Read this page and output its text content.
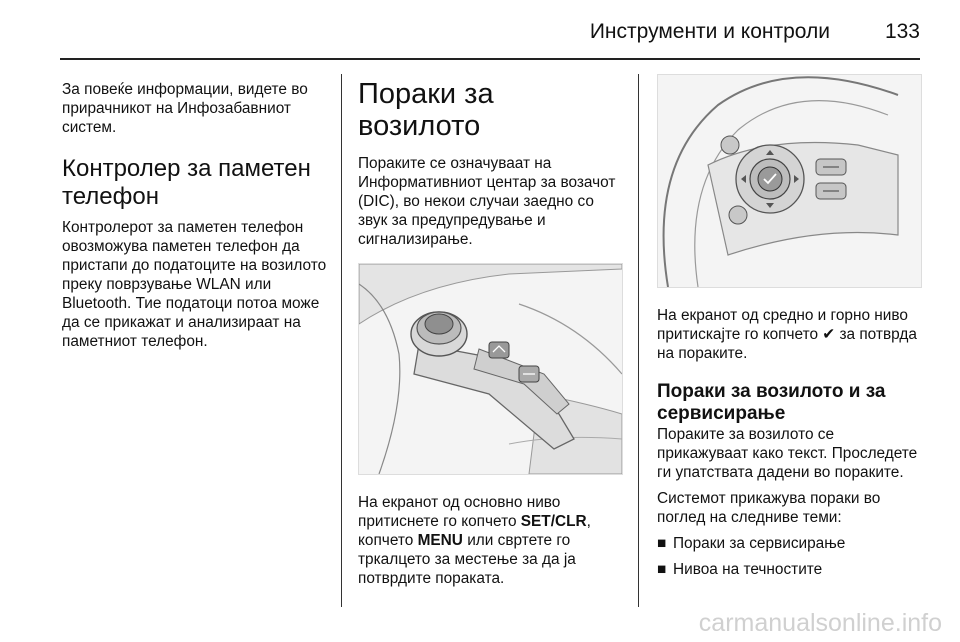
Инструменти и контроли	133

За повеќе информации, видете во прирачникот на Инфозабавниот систем.

Контролер за паметен телефон

Контролерот за паметен телефон овозможува паметен телефон да пристапи до податоците на возилото преку поврзување WLAN или Bluetooth. Тие податоци потоа може да се прикажат и анализираат на паметниот телефон.

Пораки за возилото

Пораките се означуваат на Информативниот центар за возачот (DIC), во некои случаи заедно со звук за предупредување и сигнализирање.

На екранот од основно ниво притиснете го копчето SET/CLR, копчето MENU или свртете го тркалцето за местење за да ја потврдите пораката.

На екранот од средно и горно ниво притискајте го копчето ✔ за потврда на пораките.

Пораки за возилото и за сервисирање

Пораките за возилото се прикажуваат како текст. Проследете ги упатствата дадени во пораките.

Системот прикажува пораки во поглед на следниве теми:

■ Пораки за сервисирање
■ Нивоа на течностите
carmanualsonline.info
